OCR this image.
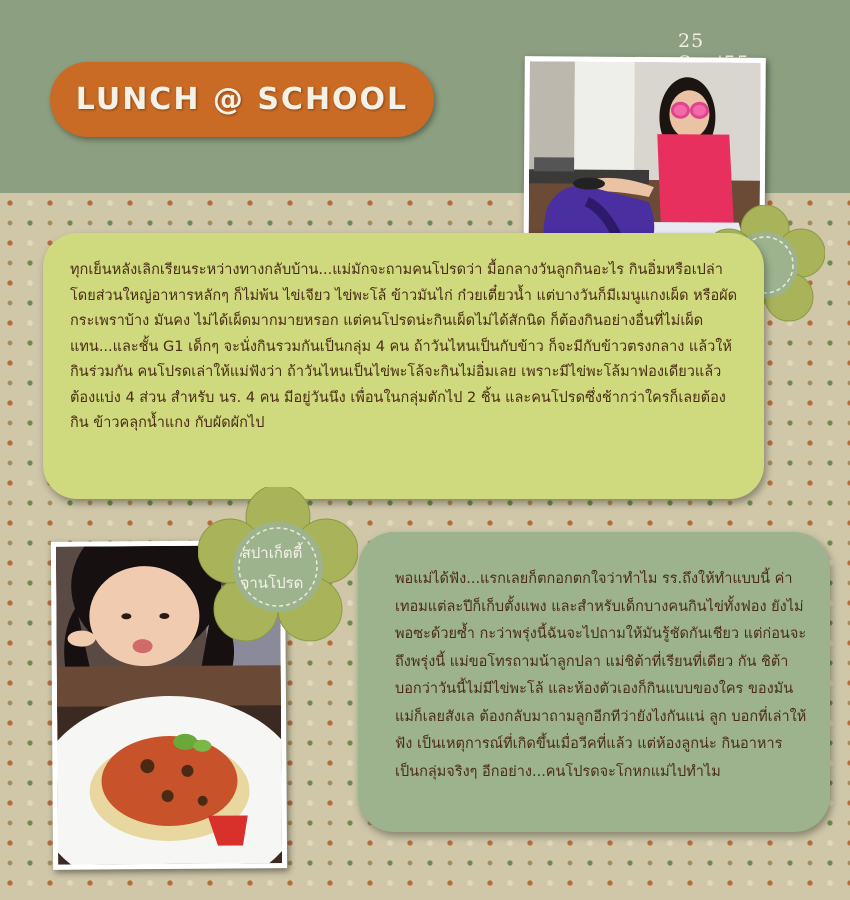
25
LUNCH @ SCHOOL
ทุกเย็นหลังเลิกเรียนระหว่างทางกลับบ้าน...แม่มักจะถามคนโปรดว่า มื้อกลางวันลูกกินอะไร กินอิ่มหรือเปล่า โดยส่วนใหญ่อาหารหลักๆ ก็ไม่พ้น ไข่เจียว ไข่พะโล้ ข้าวมันไก่ ก๋วยเตี๋ยวน้ำ แต่บางวันก็มีเมนูแกงเผ็ด หรือผัดกระเพราบ้าง มันคง ไม่ได้เผ็ดมากมายหรอก แต่คนโปรดน่ะกินเผ็ดไม่ได้สักนิด ก็ต้องกินอย่างอื่นที่ไม่เผ็ดแทน...และชั้น G1 เด็กๆ จะนั่งกินรวมกันเป็นกลุ่ม 4 คน ถ้าวันไหนเป็นกับข้าว ก็จะมีกับข้าวตรงกลาง แล้วให้กินร่วมกัน คนโปรดเล่าให้แม่ฟังว่า ถ้าวันไหนเป็นไข่พะโล้จะกินไม่อิ่มเลย เพราะมีไข่พะโล้มาฟองเดียวแล้วต้องแบ่ง 4 ส่วน สำหรับ นร. 4 คน มีอยู่วันนึง เพื่อนในกลุ่มตักไป 2 ชิ้น และคนโปรดซึ่งช้ากว่าใครก็เลยต้องกิน ข้าวคลุกน้ำแกง กับผัดผักไป
สปาเก็ตตี้
จานโปรด	พอแม่ได้ฟัง...แรกเลยก็ตกอกตกใจว่าทำไม รร.ถึงให้ทำแบบนี้ ค่าเทอมแต่ละปีก็เก็บตั้งแพง และสำหรับเด็กบางคนกินไข่ทั้งฟอง ยังไม่พอซะด้วยซ้ำ กะว่าพรุ่งนี้ฉันจะไปถามให้มันรู้ชัดกันเชียว แต่ก่อนจะถึงพรุ่งนี้ แม่ขอโทรถามน้าลูกปลา แม่ชิต้าที่เรียนที่เดียว กัน ชิต้าบอกว่าวันนี้ไม่มีไข่พะโล้ และห้องตัวเองก็กินแบบของใคร ของมัน แม่ก็เลยสังเล ต้องกลับมาถามลูกอีกทีว่ายังไงกันแน่ ลูก บอกที่เล่าให้ฟัง เป็นเหตุการณ์ที่เกิดขึ้นเมื่อวีคที่แล้ว แต่ห้องลูกน่ะ กินอาหารเป็นกลุ่มจริงๆ อีกอย่าง...คนโปรดจะโกหกแม่ไปทำไม
